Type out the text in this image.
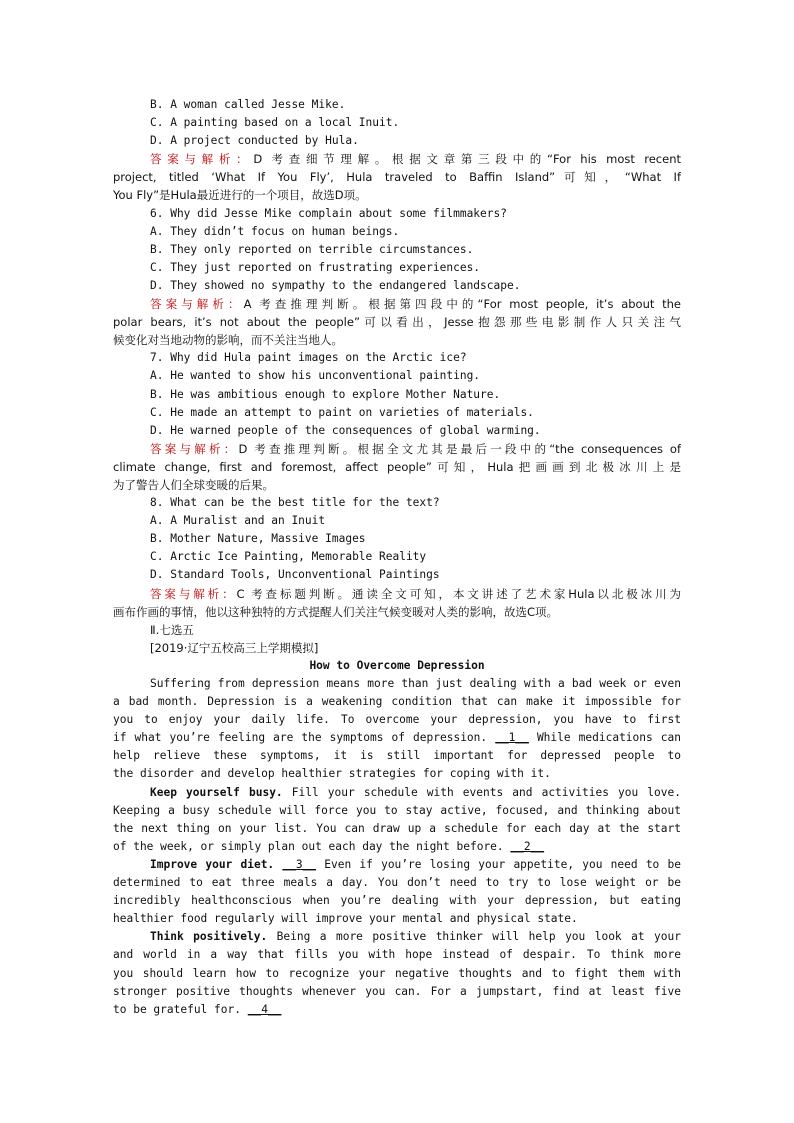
B. A woman called Jesse Mike.
C. A painting based on a local Inuit.
D. A project conducted by Hula.
答案与解析：D 考查细节理解。根据文章第三段中的“For his most recent
project, titled ‘What If You Fly’, Hula traveled to Baffin Island”可知，“What If
You Fly”是Hula最近进行的一个项目，故选D项。
6. Why did Jesse Mike complain about some filmmakers?
A. They didn’t focus on human beings.
B. They only reported on terrible circumstances.
C. They just reported on frustrating experiences.
D. They showed no sympathy to the endangered landscape.
答案与解析：A 考查推理判断。根据第四段中的“For most people, it’s about the
polar bears, it’s not about the people”可以看出，Jesse抱怨那些电影制作人只关注气
候变化对当地动物的影响，而不关注当地人。
7. Why did Hula paint images on the Arctic ice?
A. He wanted to show his unconventional painting.
B. He was ambitious enough to explore Mother Nature.
C. He made an attempt to paint on varieties of materials.
D. He warned people of the consequences of global warming.
答案与解析：D 考查推理判断。根据全文尤其是最后一段中的“the consequences of
climate change, first and foremost, affect people”可知，Hula把画画到北极冰川上是
为了警告人们全球变暖的后果。
8. What can be the best title for the text?
A. A Muralist and an Inuit
B. Mother Nature, Massive Images
C. Arctic Ice Painting, Memorable Reality
D. Standard Tools, Unconventional Paintings
答案与解析：C 考查标题判断。通读全文可知，本文讲述了艺术家Hula以北极冰川为
画布作画的事情，他以这种独特的方式提醒人们关注气候变暖对人类的影响，故选C项。
Ⅱ.七选五
[2019·辽宁五校高三上学期模拟]
How to Overcome Depression
Suffering from depression means more than just dealing with a bad week or even
a bad month. Depression is a weakening condition that can make it impossible for
you to enjoy your daily life. To overcome your depression, you have to first
if what you’re feeling are the symptoms of depression. __1__ While medications can
help relieve these symptoms, it is still important for depressed people to
the disorder and develop healthier strategies for coping with it.
Keep yourself busy. Fill your schedule with events and activities you love.
Keeping a busy schedule will force you to stay active, focused, and thinking about
the next thing on your list. You can draw up a schedule for each day at the start
of the week, or simply plan out each day the night before. __2__
Improve your diet. __3__ Even if you’re losing your appetite, you need to be
determined to eat three meals a day. You don’t need to try to lose weight or be
incredibly healthconscious when you’re dealing with your depression, but eating
healthier food regularly will improve your mental and physical state.
Think positively. Being a more positive thinker will help you look at your
and world in a way that fills you with hope instead of despair. To think more
you should learn how to recognize your negative thoughts and to fight them with
stronger positive thoughts whenever you can. For a jumpstart, find at least five
to be grateful for. __4__
